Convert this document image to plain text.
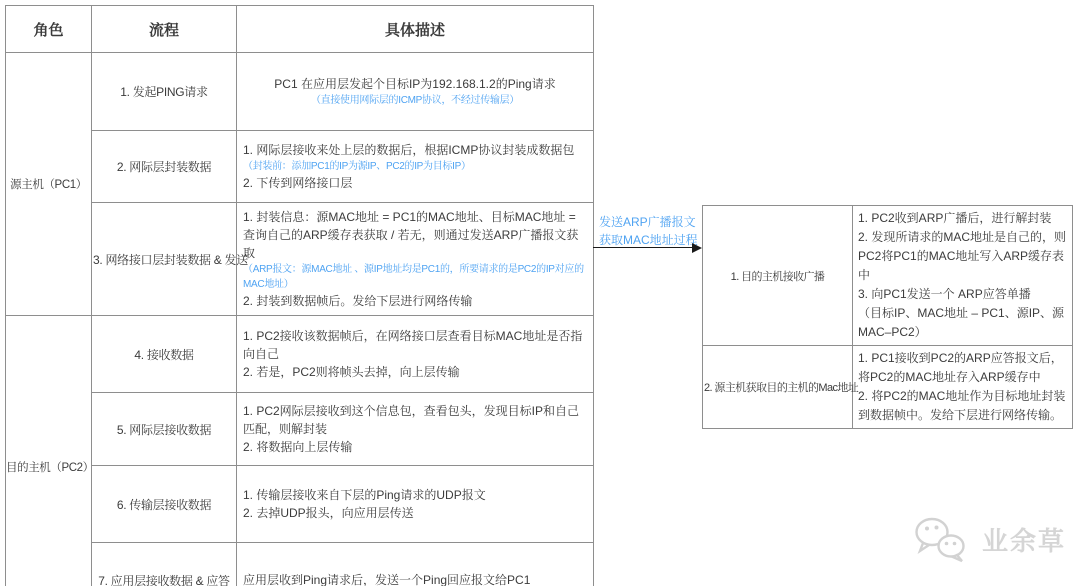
角色	流程	具体描述
源主机（PC1）	1. 发起PING请求	PC1 在应用层发起个目标IP为192.168.1.2的Ping请求
（直接使用网际层的ICMP协议，不经过传输层）

	2. 网际层封装数据	1. 网际层接收来处上层的数据后，根据ICMP协议封装成数据包
（封装前：添加PC1的IP为源IP、PC2的IP为目标IP）
2. 下传到网络接口层

	3. 网络接口层封装数据 & 发送	1. 封装信息：源MAC地址 = PC1的MAC地址、目标MAC地址 = 查询自己的ARP缓存表获取 / 若无，则通过发送ARP广播报文获取
（ARP报文：源MAC地址 、源IP地址均是PC1的，所要请求的是PC2的IP对应的MAC地址）
2. 封装到数据帧后。发给下层进行网络传输

目的主机（PC2）	4. 接收数据	1. PC2接收该数据帧后，在网络接口层查看目标MAC地址是否指向自己
2. 若是，PC2则将帧头去掉，向上层传输

	5. 网际层接收数据	1. PC2网际层接收到这个信息包，查看包头，发现目标IP和自己匹配，则解封装
2. 将数据向上层传输

	6. 传输层接收数据	1. 传输层接收来自下层的Ping请求的UDP报文
2. 去掉UDP报头，向应用层传送

	7. 应用层接收数据 & 应答	应用层收到Ping请求后，发送一个Ping回应报文给PC1
发送ARP广播报文获取MAC地址过程
1. 目的主机接收广播	1. PC2收到ARP广播后，进行解封装
2. 发现所请求的MAC地址是自己的，则PC2将PC1的MAC地址写入ARP缓存表中
3. 向PC1发送一个 ARP应答单播
（目标IP、MAC地址 – PC1、源IP、源MAC–PC2）

2. 源主机获取目的主机的Mac地址	1. PC1接收到PC2的ARP应答报文后，将PC2的MAC地址存入ARP缓存中
2. 将PC2的MAC地址作为目标地址封装到数据帧中。发给下层进行网络传输。
业余草
